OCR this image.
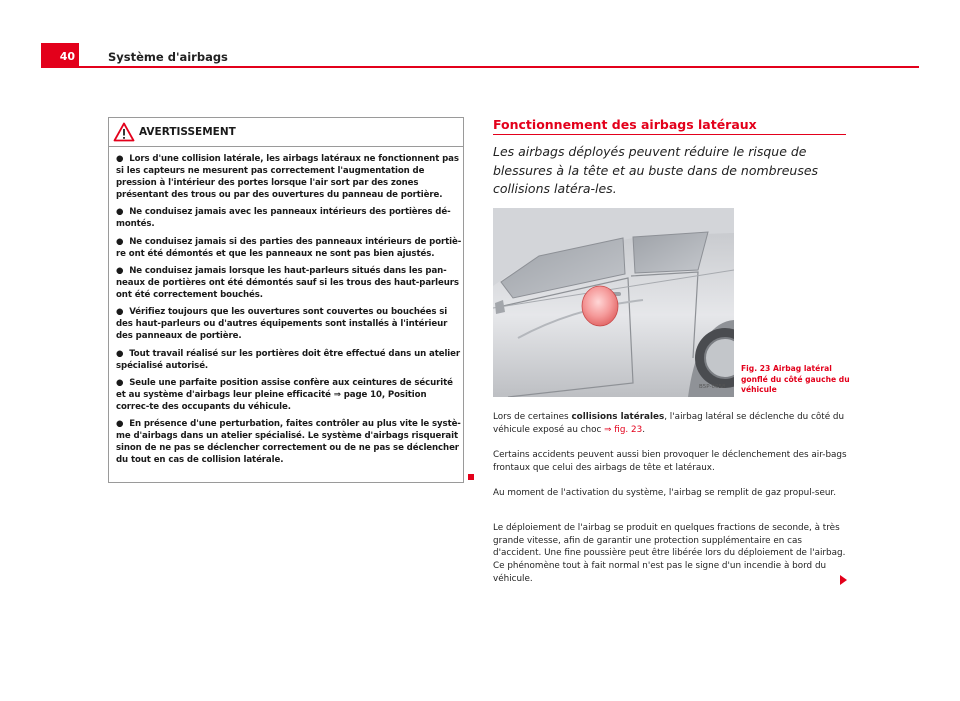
40	Système d'airbags
AVERTISSEMENT
●  Lors d'une collision latérale, les airbags latéraux ne fonctionnent pas si les capteurs ne mesurent pas correctement l'augmentation de pression à l'intérieur des portes lorsque l'air sort par des zones présentant des trous ou par des ouvertures du panneau de portière.
●  Ne conduisez jamais avec les panneaux intérieurs des portières dé-montés.
●  Ne conduisez jamais si des parties des panneaux intérieurs de portiè-re ont été démontés et que les panneaux ne sont pas bien ajustés.
●  Ne conduisez jamais lorsque les haut-parleurs situés dans les pan-neaux de portières ont été démontés sauf si les trous des haut-parleurs ont été correctement bouchés.
●  Vérifiez toujours que les ouvertures sont couvertes ou bouchées si des haut-parleurs ou d'autres équipements sont installés à l'intérieur des panneaux de portière.
●  Tout travail réalisé sur les portières doit être effectué dans un atelier spécialisé autorisé.
●  Seule une parfaite position assise confère aux ceintures de sécurité et au système d'airbags leur pleine efficacité ⇒ page 10, Position correc-te des occupants du véhicule.
●  En présence d'une perturbation, faites contrôler au plus vite le systè-me d'airbags dans un atelier spécialisé. Le système d'airbags risquerait sinon de ne pas se déclencher correctement ou de ne pas se déclencher du tout en cas de collision latérale.
Fonctionnement des airbags latéraux
Les airbags déployés peuvent réduire le risque de blessures à la tête et au buste dans de nombreuses collisions latéra-les.
B5P-0058
Fig. 23 Airbag latéral gonflé du côté gauche du véhicule
Lors de certaines collisions latérales, l'airbag latéral se déclenche du côté du véhicule exposé au choc ⇒ fig. 23.
Certains accidents peuvent aussi bien provoquer le déclenchement des air-bags frontaux que celui des airbags de tête et latéraux.
Au moment de l'activation du système, l'airbag se remplit de gaz propul-seur.
Le déploiement de l'airbag se produit en quelques fractions de seconde, à très grande vitesse, afin de garantir une protection supplémentaire en cas d'accident. Une fine poussière peut être libérée lors du déploiement de l'airbag. Ce phénomène tout à fait normal n'est pas le signe d'un incendie à bord du véhicule.
